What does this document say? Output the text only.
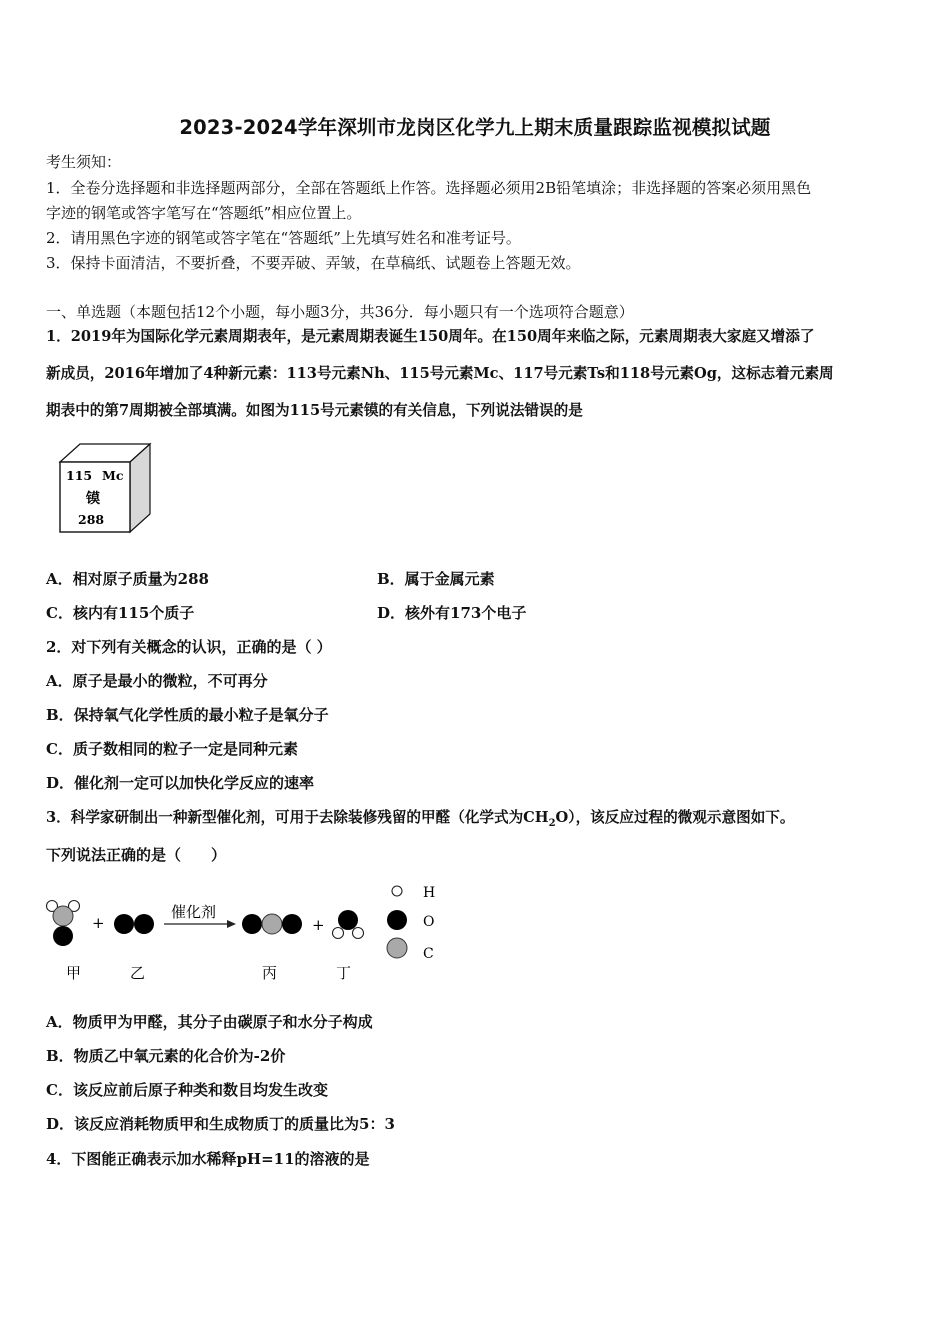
2023-2024学年深圳市龙岗区化学九上期末质量跟踪监视模拟试题
考生须知：
1．全卷分选择题和非选择题两部分，全部在答题纸上作答。选择题必须用2B铅笔填涂；非选择题的答案必须用黑色
字迹的钢笔或答字笔写在“答题纸”相应位置上。
2．请用黑色字迹的钢笔或答字笔在“答题纸”上先填写姓名和准考证号。
3．保持卡面清洁，不要折叠，不要弄破、弄皱，在草稿纸、试题卷上答题无效。
一、单选题（本题包括12个小题，每小题3分，共36分．每小题只有一个选项符合题意）
1．2019年为国际化学元素周期表年，是元素周期表诞生150周年。在150周年来临之际，元素周期表大家庭又增添了
新成员，2016年增加了4种新元素：113号元素Nh、115号元素Mc、117号元素Ts和118号元素Og，这标志着元素周
期表中的第7周期被全部填满。如图为115号元素镆的有关信息，下列说法错误的是
115 Mc
镆
288
A．相对原子质量为288	B．属于金属元素
C．核内有115个质子	D．核外有173个电子
2．对下列有关概念的认识，正确的是（ ）
A．原子是最小的微粒，不可再分
B．保持氧气化学性质的最小粒子是氧分子
C．质子数相同的粒子一定是同种元素
D．催化剂一定可以加快化学反应的速率
3．科学家研制出一种新型催化剂，可用于去除装修残留的甲醛（化学式为$CH_2O$），该反应过程的微观示意图如下。
下列说法正确的是（　　）
+
催化剂
+
H
O
C
甲	乙	丙	丁
A．物质甲为甲醛，其分子由碳原子和水分子构成
B．物质乙中氧元素的化合价为-2价
C．该反应前后原子种类和数目均发生改变
D．该反应消耗物质甲和生成物质丁的质量比为5：3
4．下图能正确表示加水稀释pH=11的溶液的是
